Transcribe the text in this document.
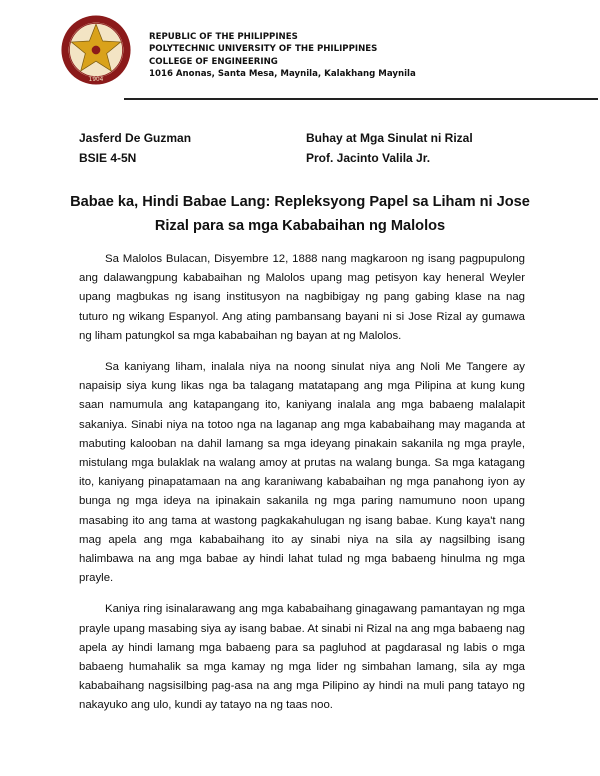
1904
REPUBLIC OF THE PHILIPPINES
POLYTECHNIC UNIVERSITY OF THE PHILIPPINES
COLLEGE OF ENGINEERING
1016 Anonas, Santa Mesa, Maynila, Kalakhang Maynila
Jasferd De Guzman
BSIE 4-5N
Buhay at Mga Sinulat ni Rizal
Prof. Jacinto Valila Jr.
Babae ka, Hindi Babae Lang: Repleksyong Papel sa Liham ni Jose Rizal para sa mga Kababaihan ng Malolos

Sa Malolos Bulacan, Disyembre 12, 1888 nang magkaroon ng isang pagpupulong ang dalawangpung kababaihan ng Malolos upang mag petisyon kay heneral Weyler upang magbukas ng isang institusyon na nagbibigay ng pang gabing klase na nag tuturo ng wikang Espanyol. Ang ating pambansang bayani ni si Jose Rizal ay gumawa ng liham patungkol sa mga kababaihan ng bayan at ng Malolos.

Sa kaniyang liham, inalala niya na noong sinulat niya ang Noli Me Tangere ay napaisip siya kung likas nga ba talagang matatapang ang mga Pilipina at kung kung saan namumula ang katapangang ito, kaniyang inalala ang mga babaeng malalapit sakaniya. Sinabi niya na totoo nga na laganap ang mga kababaihang may maganda at mabuting kalooban na dahil lamang sa mga ideyang pinakain sakanila ng mga prayle, mistulang mga bulaklak na walang amoy at prutas na walang bunga. Sa mga katagang ito, kaniyang pinapatamaan na ang karaniwang kababaihan ng mga panahong iyon ay bunga ng mga ideya na ipinakain sakanila ng mga paring namumuno noon upang masabing ito ang tama at wastong pagkakahulugan ng isang babae. Kung kaya't nang mag apela ang mga kababaihang ito ay sinabi niya na sila ay nagsilbing isang halimbawa na ang mga babae ay hindi lahat tulad ng mga babaeng hinulma ng mga prayle.

Kaniya ring isinalarawang ang mga kababaihang ginagawang pamantayan ng mga prayle upang masabing siya ay isang babae. At sinabi ni Rizal na ang mga babaeng nag apela ay hindi lamang mga babaeng para sa pagluhod at pagdarasal ng labis o mga babaeng humahalik sa mga kamay ng mga lider ng simbahan lamang, sila ay mga kababaihang nagsisilbing pag-asa na ang mga Pilipino ay hindi na muli pang tatayo ng nakayuko ang ulo, kundi ay tatayo na ng taas noo.
